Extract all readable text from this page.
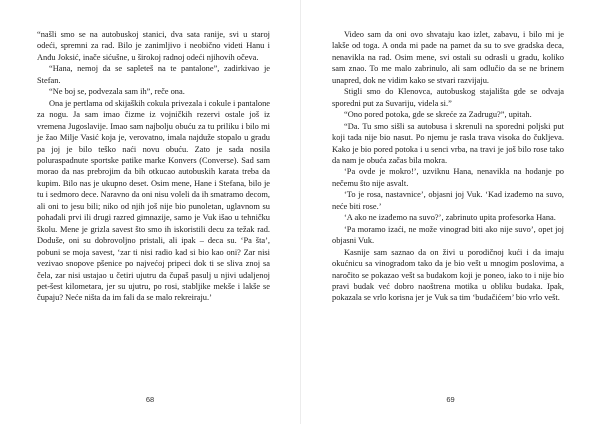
“našli smo se na autobuskoj stanici, dva sata ranije, svi u staroj odeći, spremni za rad. Bilo je zanimljivo i neobično videti Hanu i Anđu Joksić, inače sićušne, u širokoj radnoj odeći njihovih očeva.

“Hana, nemoj da se sapleteš na te pantalone”, zadirkivao je Stefan.

“Ne boj se, podvezala sam ih”, reče ona.

Ona je pertlama od skijaških cokula privezala i cokule i pantalone za nogu. Ja sam imao čizme iz vojničkih rezervi ostale još iz vremena Jugoslavije. Imao sam najbolju obuću za tu priliku i bilo mi je žao Milje Vasić koja je, verovatno, imala najduže stopalo u gradu pa joj je bilo teško naći novu obuću. Zato je sada nosila poluraspadnute sportske patike marke Konvers (Converse). Sad sam morao da nas prebrojim da bih otkucao autobuskih karata treba da kupim. Bilo nas je ukupno deset. Osim mene, Hane i Stefana, bilo je tu i sedmoro dece. Naravno da oni nisu voleli da ih smatramo decom, ali oni to jesu bili; niko od njih još nije bio punoletan, uglavnom su pohađali prvi ili drugi razred gimnazije, samo je Vuk išao u tehničku školu. Mene je grizla savest što smo ih iskoristili decu za težak rad. Doduše, oni su dobrovoljno pristali, ali ipak – deca su. ‘Pa šta’, pobuni se moja savest, ‘zar ti nisi radio kad si bio kao oni? Zar nisi vezivao snopove pšenice po najvećoj pripeci dok ti se sliva znoj sa čela, zar nisi ustajao u četiri ujutru da čupaš pasulj u njivi udaljenoj pet-šest kilometara, jer su ujutru, po rosi, stabljike mekše i lakše se čupaju? Neće ništa da im fali da se malo rekreiraju.’

68

Video sam da oni ovo shvataju kao izlet, zabavu, i bilo mi je lakše od toga. A onda mi pade na pamet da su to sve gradska deca, nenavikla na rad. Osim mene, svi ostali su odrasli u gradu, koliko sam znao. To me malo zabrinulo, ali sam odlučio da se ne brinem unapred, dok ne vidim kako se stvari razvijaju.

Stigli smo do Klenovca, autobuskog stajališta gde se odvaja sporedni put za Suvariju, videla si.”

“Ono pored potoka, gde se skreće za Zadrugu?”, upitah.

“Da. Tu smo sišli sa autobusa i skrenuli na sporedni poljski put koji tada nije bio nasut. Po njemu je rasla trava visoka do čukljeva. Kako je bio pored potoka i u senci vrba, na travi je još bilo rose tako da nam je obuća začas bila mokra.

‘Pa ovde je mokro!’, uzviknu Hana, nenavikla na hodanje po nečemu što nije asvalt.

‘To je rosa, nastavnice’, objasni joj Vuk. ‘Kad izađemo na suvo, neće biti rose.’

‘A ako ne izađemo na suvo?’, zabrinuto upita profesorka Hana.

‘Pa moramo izaći, ne može vinograd biti ako nije suvo’, opet joj objasni Vuk.

Kasnije sam saznao da on živi u porodičnoj kući i da imaju okućnicu sa vinogradom tako da je bio vešt u mnogim poslovima, a naročito se pokazao vešt sa budakom koji je poneo, iako to i nije bio pravi budak već dobro naoštrena motika u obliku budaka. Ipak, pokazala se vrlo korisna jer je Vuk sa tim ‘budačićem’ bio vrlo vešt.

69
